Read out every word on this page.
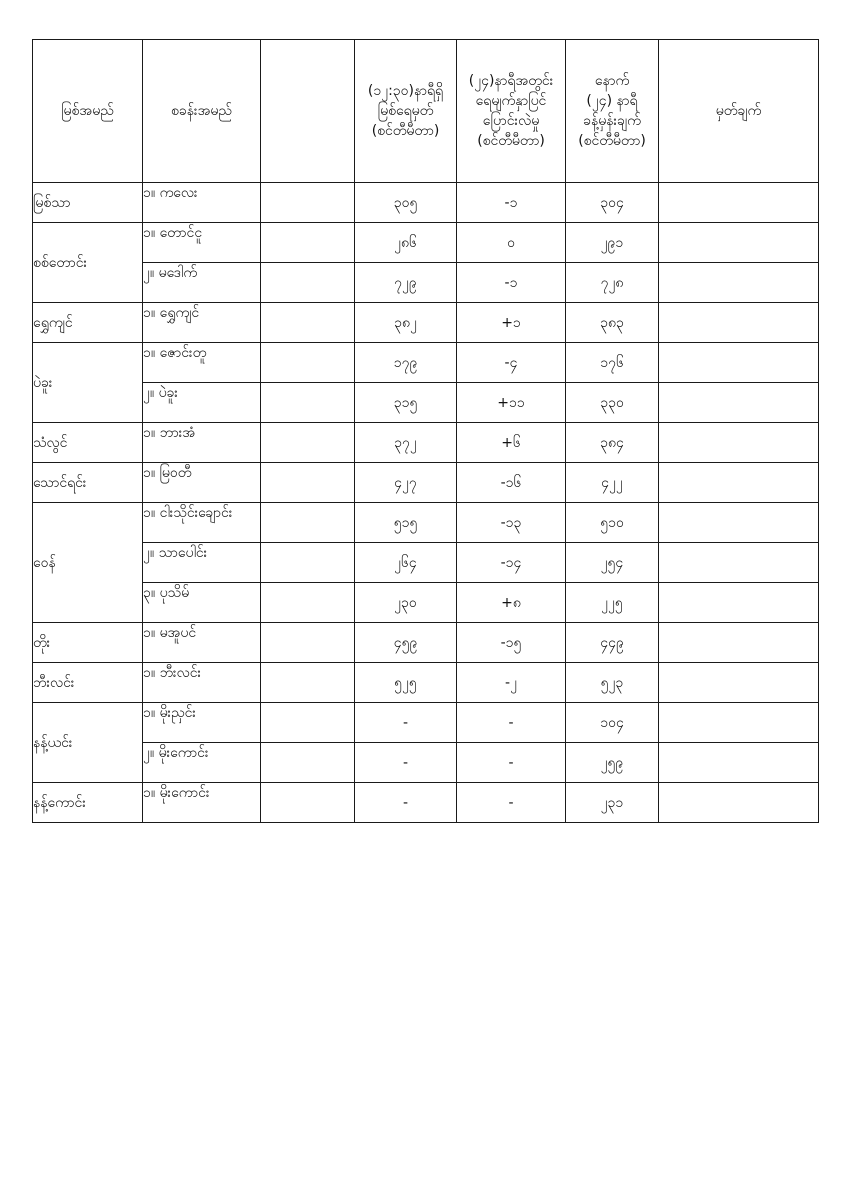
မြစ်အမည်	စခန်းအမည်		(၁၂:၃၀)နာရီရှိ
မြစ်ရေမှတ်
(စင်တီမီတာ)	(၂၄)နာရီအတွင်း
ရေမျက်နှာပြင်
ပြောင်းလဲမှု
(စင်တီမီတာ)	နောက်
(၂၄) နာရီ
ခန့်မှန်းချက်
(စင်တီမီတာ)	မှတ်ချက်
မြစ်သာ	၁။ ကလေး		၃၀၅	-၁	၃၀၄	
စစ်တောင်း	၁။ တောင်ငူ		၂၈၆	၀	၂၉၁	
	၂။ မဒေါက်		၇၂၉	-၁	၇၂၈	
ရွှေကျင်	၁။ ရွှေကျင်		၃၈၂	+၁	၃၈၃	
ပဲခူး	၁။ ဇောင်းတူ		၁၇၉	-၄	၁၇၆	
	၂။ ပဲခူး		၃၁၅	+၁၁	၃၃၀	
သံလွင်	၁။ ဘားအံ		၃၇၂	+၆	၃၈၄	
သောင်ရင်း	၁။ မြဝတီ		၄၂၇	-၁၆	၄၂၂	
ဝေန်	၁။ ငါးသိုင်းချောင်း		၅၁၅	-၁၃	၅၁၀	
	၂။ သာပေါင်း		၂၆၄	-၁၄	၂၅၄	
	၃။ ပုသိမ်		၂၃၀	+၈	၂၂၅	
တိုး	၁။ မအူပင်		၄၅၉	-၁၅	၄၄၉	
ဘီးလင်း	၁။ ဘီးလင်း		၅၂၅	-၂	၅၂၃	
နန့်ယင်း	၁။ မိုးညှင်း		-	-	၁၀၄	
	၂။ မိုးကောင်း		-	-	၂၅၉	
နန့်ကောင်း	၁။ မိုးကောင်း		-	-	၂၃၁	
